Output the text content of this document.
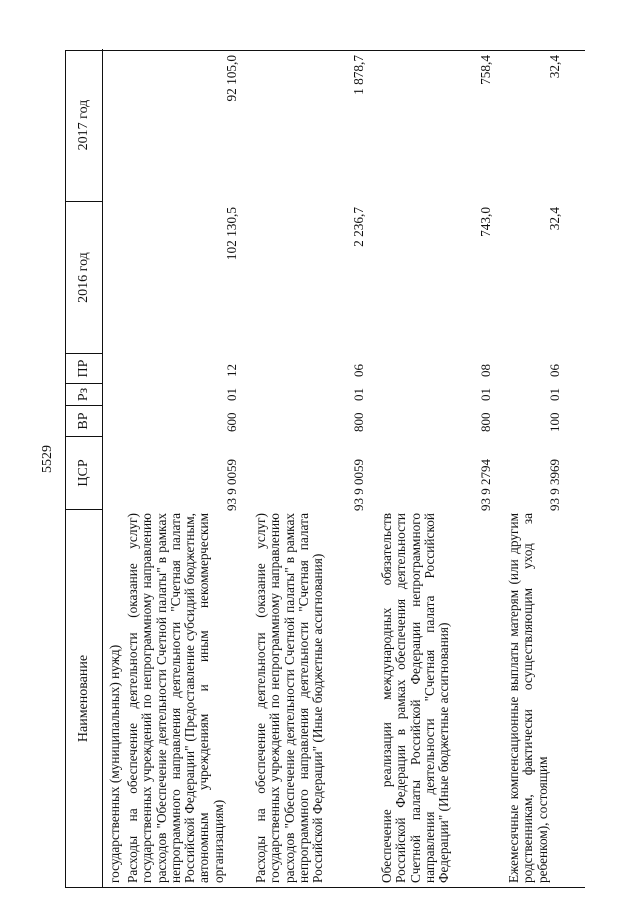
5529
Наименование
ЦСР
ВР
Рз
ПР
2016 год
2017 год
государственных (муниципальных) нужд) Расходы на обеспечение деятельности (оказание услуг) государственных учреждений по непрограммному направлению расходов "Обеспечение деятельности Счетной палаты" в рамках непрограммного направления деятельности "Счетная палата Российской Федерации" (Предоставление субсидий бюджетным, автономным учреждениям и иным некоммерческим организациям)
93 9 0059
600
01
12
102 130,5
92 105,0
Расходы на обеспечение деятельности (оказание услуг) государственных учреждений по непрограммному направлению расходов "Обеспечение деятельности Счетной палаты" в рамках непрограммного направления деятельности "Счетная палата Российской Федерации" (Иные бюджетные ассигнования)
93 9 0059
800
01
06
2 236,7
1 878,7
Обеспечение реализации международных обязательств Российской Федерации в рамках обеспечения деятельности Счетной палаты Российской Федерации непрограммного направления деятельности "Счетная палата Российской Федерации" (Иные бюджетные ассигнования)
93 9 2794
800
01
08
743,0
758,4
Ежемесячные компенсационные выплаты матерям (или другим родственникам, фактически осуществляющим уход за ребенком), состоящим
93 9 3969
100
01
06
32,4
32,4
